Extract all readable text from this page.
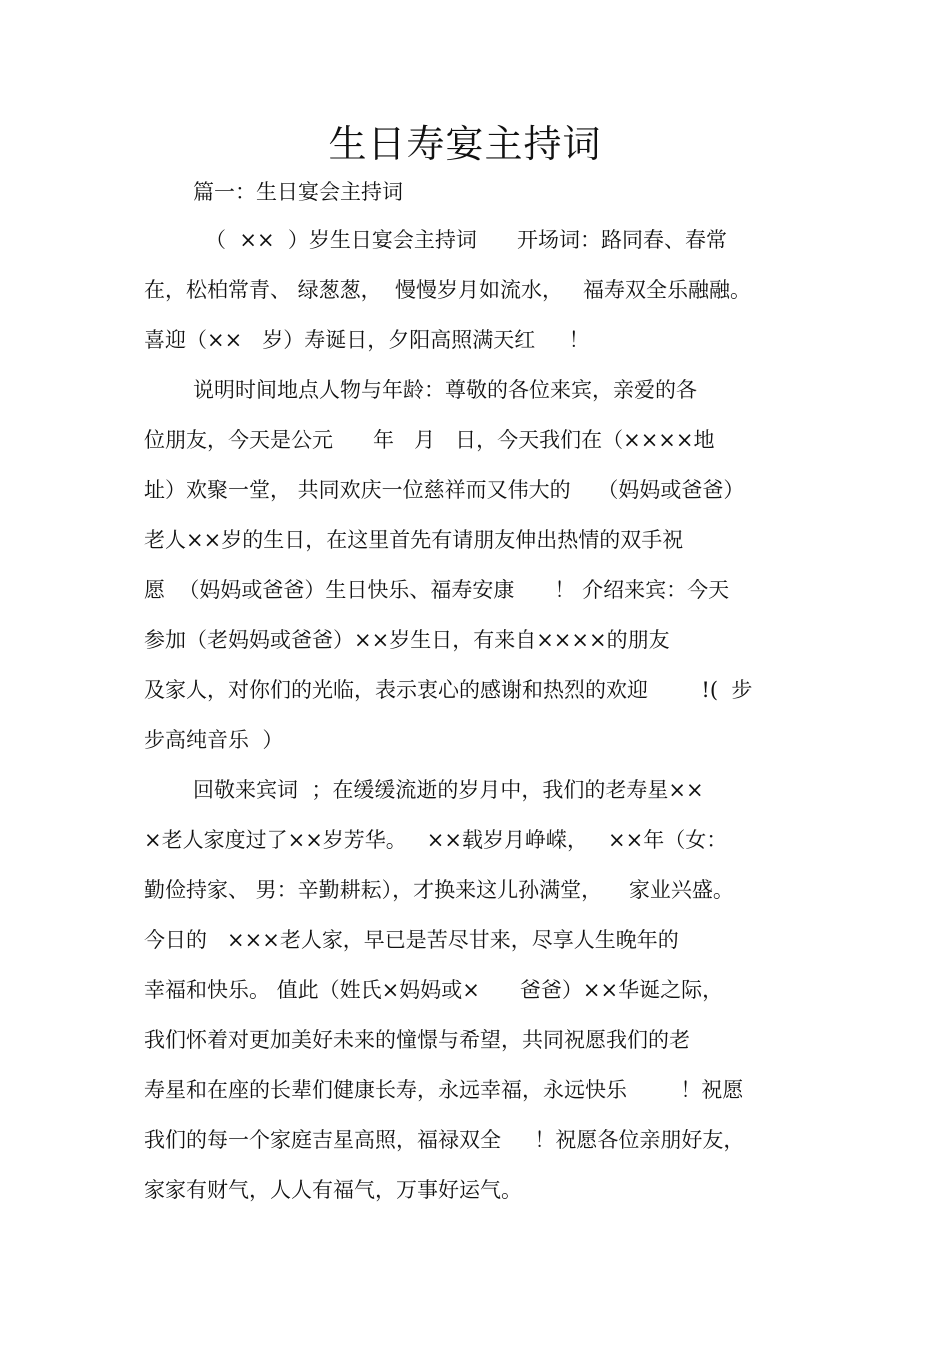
生日寿宴主持词
篇一：生日宴会主持词
（  ××  ）岁生日宴会主持词      开场词：路同春、春常
在，松柏常青、 绿葱葱，  慢慢岁月如流水，   福寿双全乐融融。
喜迎（××   岁）寿诞日，夕阳高照满天红     ！
说明时间地点人物与年龄：尊敬的各位来宾，亲爱的各
位朋友，今天是公元      年   月   日，今天我们在（××××地
址）欢聚一堂， 共同欢庆一位慈祥而又伟大的    （妈妈或爸爸）
老人××岁的生日，在这里首先有请朋友伸出热情的双手祝
愿  （妈妈或爸爸）生日快乐、福寿安康      ！ 介绍来宾：今天
参加（老妈妈或爸爸）××岁生日，有来自××××的朋友
及家人，对你们的光临，表示衷心的感谢和热烈的欢迎        !(  步
步高纯音乐  ）
回敬来宾词  ；在缓缓流逝的岁月中，我们的老寿星××
×老人家度过了××岁芳华。   ××载岁月峥嵘，   ××年（女：
勤俭持家、 男：辛勤耕耘），才换来这儿孙满堂，    家业兴盛。
今日的   ×××老人家，早已是苦尽甘来，尽享人生晚年的
幸福和快乐。 值此（姓氏×妈妈或×      爸爸）××华诞之际，
我们怀着对更加美好未来的憧憬与希望，共同祝愿我们的老
寿星和在座的长辈们健康长寿，永远幸福，永远快乐        ！祝愿
我们的每一个家庭吉星高照，福禄双全     ！祝愿各位亲朋好友，
家家有财气，人人有福气，万事好运气。
